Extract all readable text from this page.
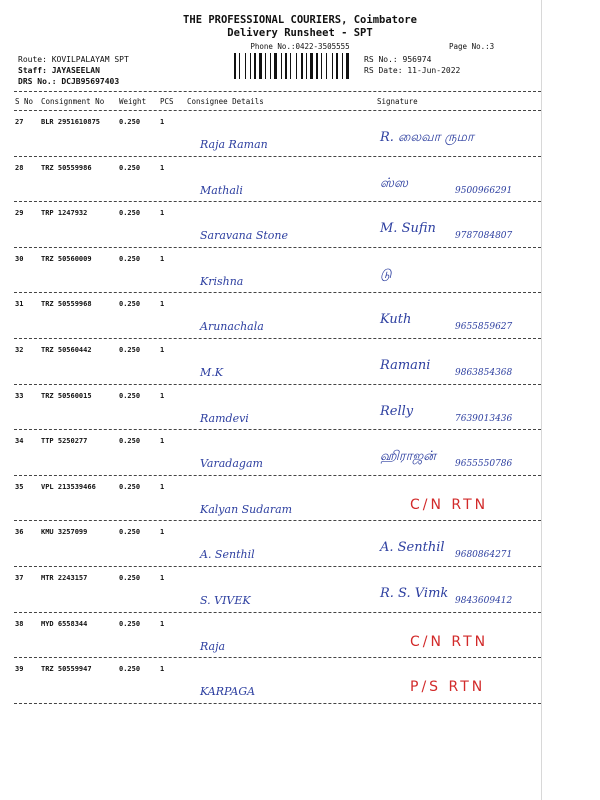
THE PROFESSIONAL COURIERS, Coimbatore
Delivery Runsheet - SPT
Phone No.:0422-3505555	Page No.:3
Route: KOVILPALAYAM SPT
Staff: JAYASEELAN
DRS No.: DCJB95697403
RS No.: 956974
RS Date: 11-Jun-2022
S No Consignment No Weight PCS Consignee Details	Signature
27	BLR 2951610875	0.250	1
Raja Raman	R. லைவா ருமா
28	TRZ 50559986	0.250	1
Mathali	ஸ்ஸ	9500966291
29	TRP 1247932	0.250	1
Saravana Stone	M. Sufin 9787084807
30	TRZ 50560009	0.250	1
Krishna	டு
31	TRZ 50559968	0.250	1
Arunachala	Kuth	9655859627
32	TRZ 50560442	0.250	1
M.K	Ramani	9863854368
33	TRZ 50560015	0.250	1
Ramdevi	Relly	7639013436
34	TTP 5250277	0.250	1
Varadagam	ஹிராஜன் 9655550786
35	VPL 213539466	0.250	1
Kalyan Sudaram	C/N RTN
36	KMU 3257099	0.250	1
A. Senthil	A. Senthil 9680864271
37	MTR 2243157	0.250	1
S. VIVEK	R. S. Vimk 9843609412
38	MYD 6558344	0.250	1
Raja	C/N RTN
39	TRZ 50559947	0.250	1
KARPAGA	P/S RTN
